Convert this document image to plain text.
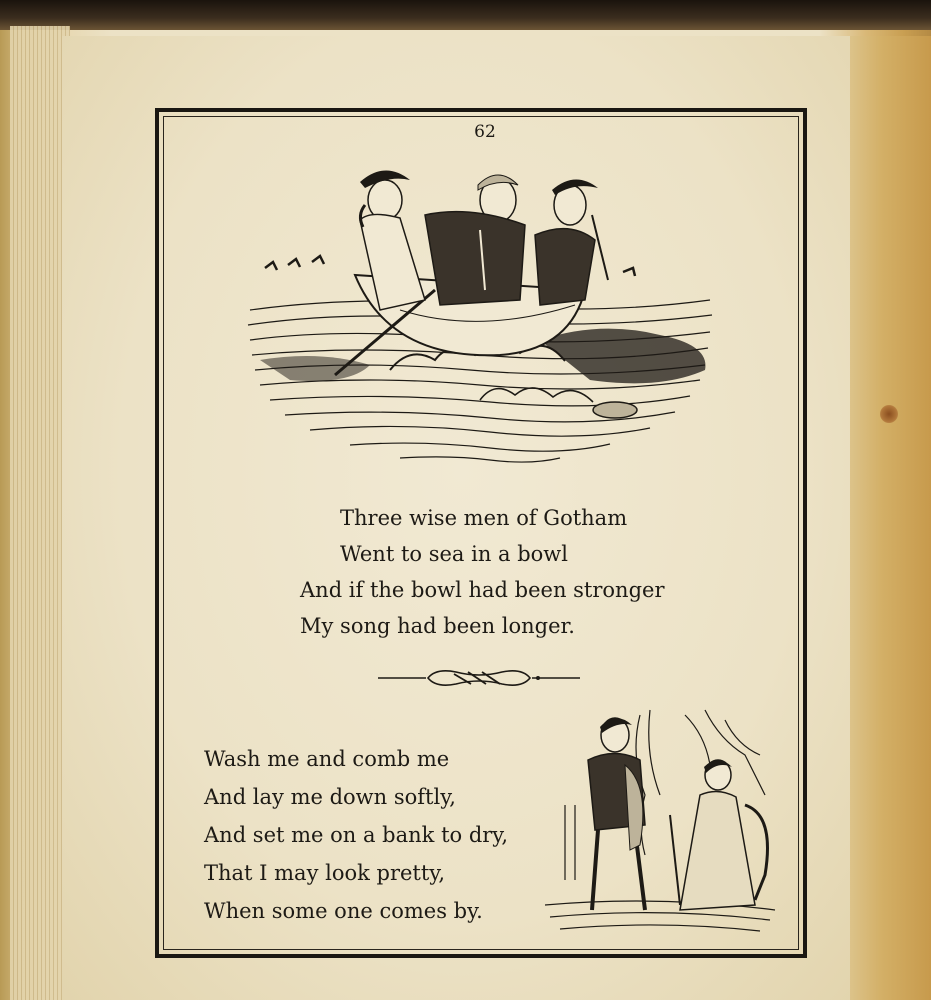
62
Three wise men of Gotham
Went to sea in a bowl
And if the bowl had been stronger
My song had been longer.
Wash me and comb me
And lay me down softly,
And set me on a bank to dry,
That I may look pretty,
When some one comes by.
